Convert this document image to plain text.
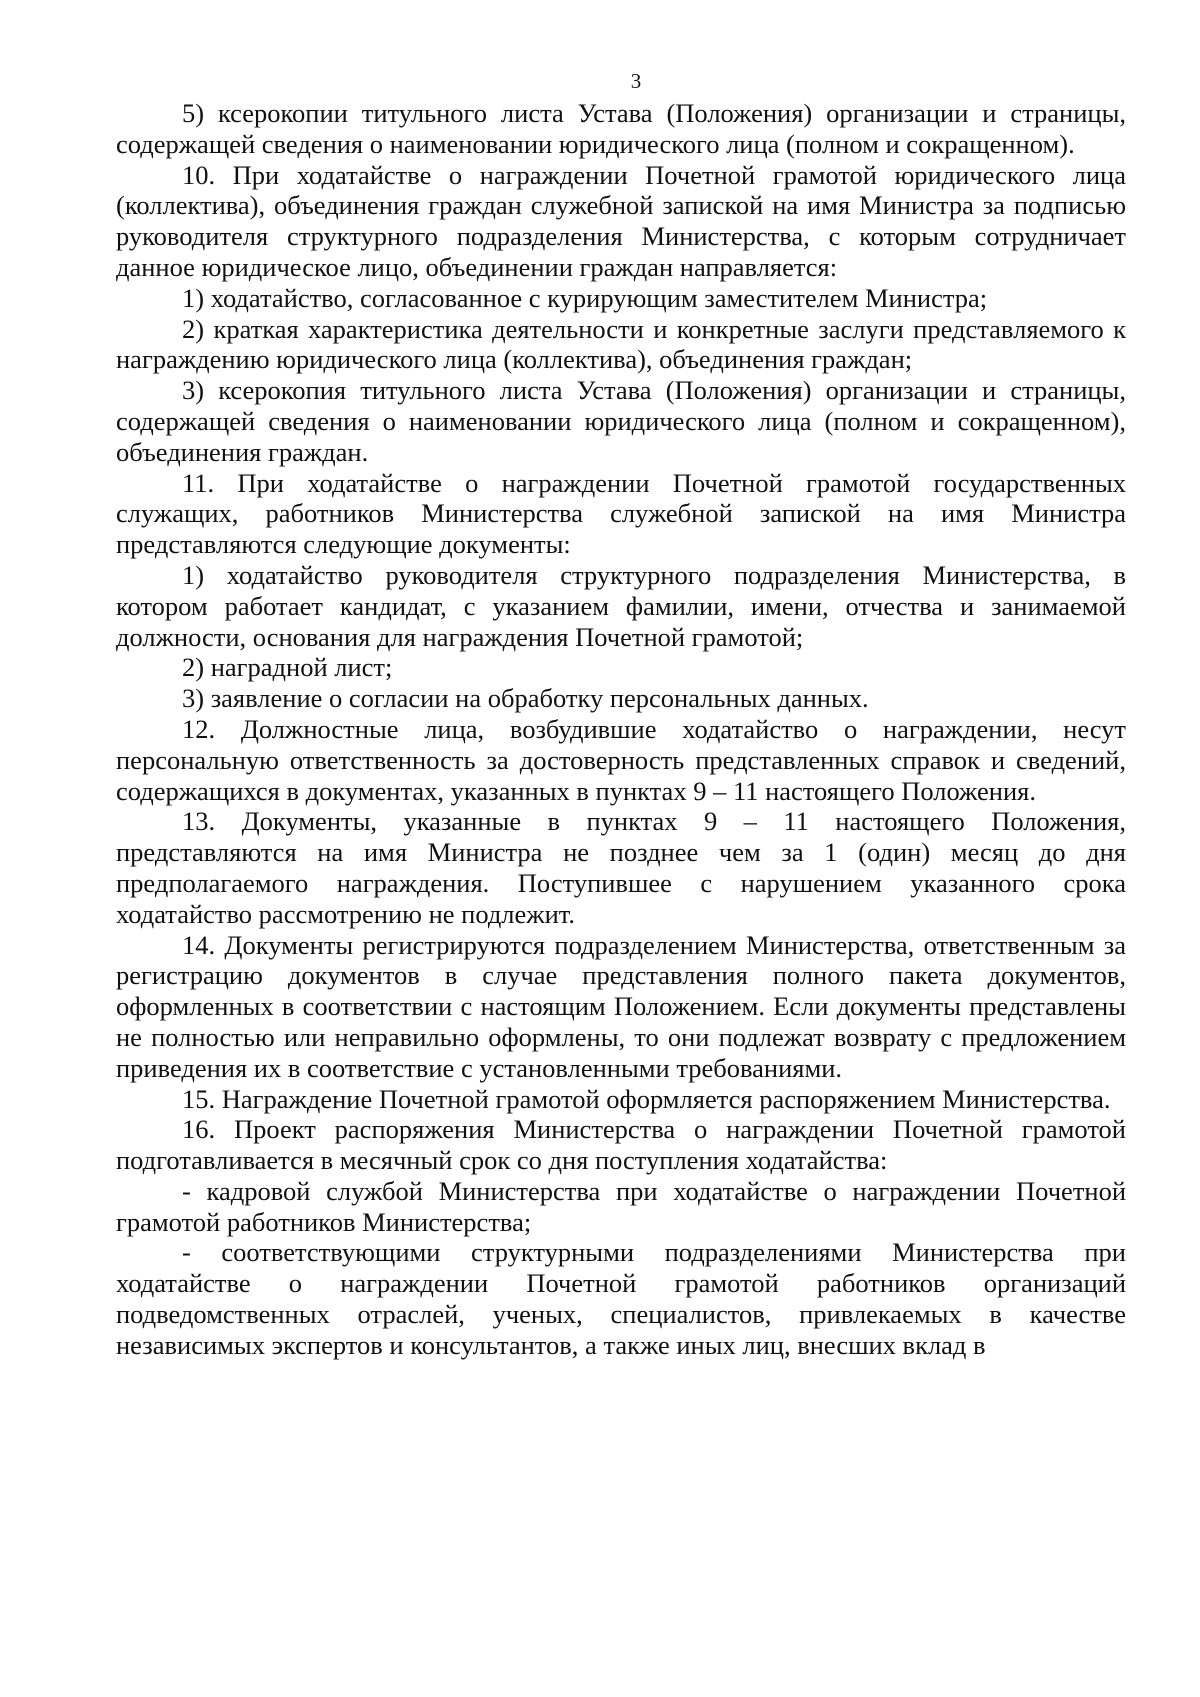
3

5) ксерокопии титульного листа Устава (Положения) организации и страницы, содержащей сведения о наименовании юридического лица (полном и сокращенном).

10. При ходатайстве о награждении Почетной грамотой юридического лица (коллектива), объединения граждан служебной запиской на имя Министра за подписью руководителя структурного подразделения Министерства, с которым сотрудничает данное юридическое лицо, объединении граждан направляется:

1) ходатайство, согласованное с курирующим заместителем Министра;

2) краткая характеристика деятельности и конкретные заслуги представляемого к награждению юридического лица (коллектива), объединения граждан;

3) ксерокопия титульного листа Устава (Положения) организации и страницы, содержащей сведения о наименовании юридического лица (полном и сокращенном), объединения граждан.

11. При ходатайстве о награждении Почетной грамотой государственных служащих, работников Министерства служебной запиской на имя Министра представляются следующие документы:

1) ходатайство руководителя структурного подразделения Министерства, в котором работает кандидат, с указанием фамилии, имени, отчества и занимаемой должности, основания для награждения Почетной грамотой;

2) наградной лист;

3) заявление о согласии на обработку персональных данных.

12. Должностные лица, возбудившие ходатайство о награждении, несут персональную ответственность за достоверность представленных справок и сведений, содержащихся в документах, указанных в пунктах 9 – 11 настоящего Положения.

13. Документы, указанные в пунктах 9 – 11 настоящего Положения, представляются на имя Министра не позднее чем за 1 (один) месяц до дня предполагаемого награждения. Поступившее с нарушением указанного срока ходатайство рассмотрению не подлежит.

14. Документы регистрируются подразделением Министерства, ответственным за регистрацию документов в случае представления полного пакета документов, оформленных в соответствии с настоящим Положением. Если документы представлены не полностью или неправильно оформлены, то они подлежат возврату с предложением приведения их в соответствие с установленными требованиями.

15. Награждение Почетной грамотой оформляется распоряжением Министерства.

16. Проект распоряжения Министерства о награждении Почетной грамотой подготавливается в месячный срок со дня поступления ходатайства:

- кадровой службой Министерства при ходатайстве о награждении Почетной грамотой работников Министерства;

- соответствующими структурными подразделениями Министерства при ходатайстве о награждении Почетной грамотой работников организаций подведомственных отраслей, ученых, специалистов, привлекаемых в качестве независимых экспертов и консультантов, а также иных лиц, внесших вклад в
